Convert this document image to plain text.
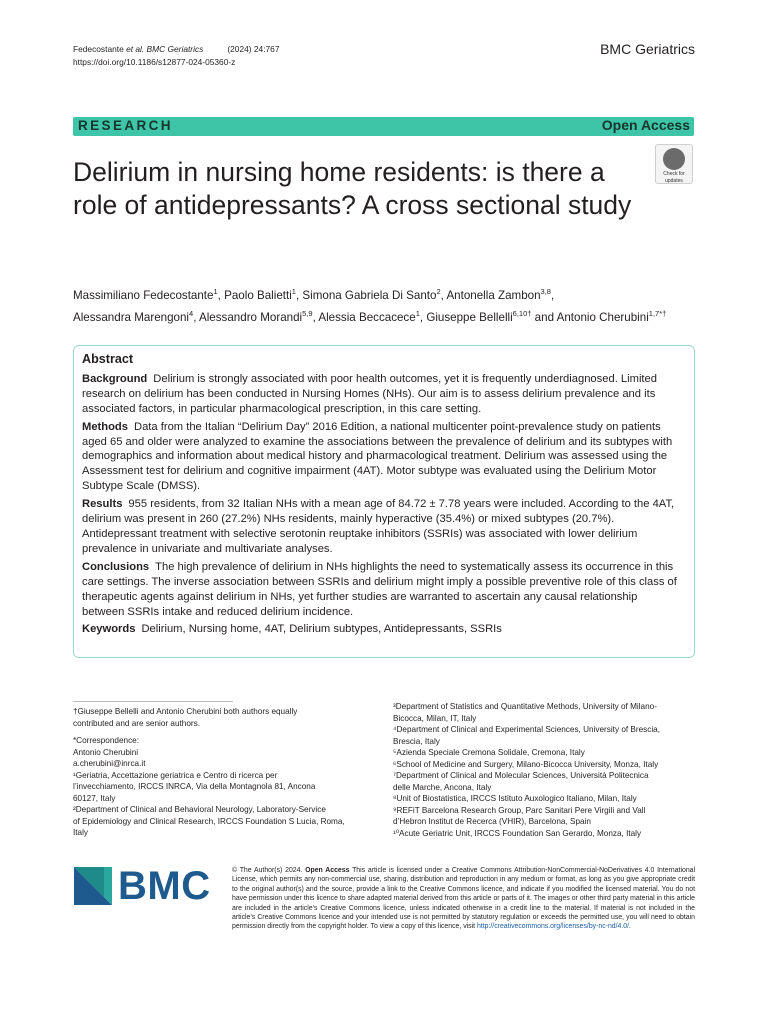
Fedecostante et al. BMC Geriatrics	(2024) 24:767
https://doi.org/10.1186/s12877-024-05360-z
BMC Geriatrics
RESEARCH	Open Access
Delirium in nursing home residents: is there a role of antidepressants? A cross sectional study
Check for
updates
Massimiliano Fedecostante$^1$, Paolo Balietti$^1$, Simona Gabriela Di Santo$^2$, Antonella Zambon$^{3,8}$,
Alessandra Marengoni$^4$, Alessandro Morandi$^{5,9}$, Alessia Beccacece$^1$, Giuseppe Bellelli$^{6,10\dagger}$ and Antonio Cherubini$^{1,7*\dagger}$
Abstract

Background Delirium is strongly associated with poor health outcomes, yet it is frequently underdiagnosed. Limited research on delirium has been conducted in Nursing Homes (NHs). Our aim is to assess delirium prevalence and its associated factors, in particular pharmacological prescription, in this care setting.

Methods Data from the Italian “Delirium Day” 2016 Edition, a national multicenter point-prevalence study on patients aged 65 and older were analyzed to examine the associations between the prevalence of delirium and its subtypes with demographics and information about medical history and pharmacological treatment. Delirium was assessed using the Assessment test for delirium and cognitive impairment (4AT). Motor subtype was evaluated using the Delirium Motor Subtype Scale (DMSS).

Results 955 residents, from 32 Italian NHs with a mean age of 84.72 ± 7.78 years were included. According to the 4AT, delirium was present in 260 (27.2%) NHs residents, mainly hyperactive (35.4%) or mixed subtypes (20.7%). Antidepressant treatment with selective serotonin reuptake inhibitors (SSRIs) was associated with lower delirium prevalence in univariate and multivariate analyses.

Conclusions The high prevalence of delirium in NHs highlights the need to systematically assess its occurrence in this care settings. The inverse association between SSRIs and delirium might imply a possible preventive role of this class of therapeutic agents against delirium in NHs, yet further studies are warranted to ascertain any causal relationship between SSRIs intake and reduced delirium incidence.

Keywords Delirium, Nursing home, 4AT, Delirium subtypes, Antidepressants, SSRIs

†Giuseppe Bellelli and Antonio Cherubini both authors equally
contributed and are senior authors.
*Correspondence:
Antonio Cherubini
a.cherubini@inrca.it
¹Geriatria, Accettazione geriatrica e Centro di ricerca per
l’invecchiamento, IRCCS INRCA, Via della Montagnola 81, Ancona
60127, Italy
²Department of Clinical and Behavioral Neurology, Laboratory-Service
of Epidemiology and Clinical Research, IRCCS Foundation S Lucia, Roma,
Italy
³Department of Statistics and Quantitative Methods, University of Milano-
Bicocca, Milan, IT, Italy
⁴Department of Clinical and Experimental Sciences, University of Brescia,
Brescia, Italy
⁵Azienda Speciale Cremona Solidale, Cremona, Italy
⁶School of Medicine and Surgery, Milano-Bicocca University, Monza, Italy
⁷Department of Clinical and Molecular Sciences, Università Politecnica
delle Marche, Ancona, Italy
⁸Unit of Biostatistica, IRCCS Istituto Auxologico Italiano, Milan, Italy
⁹REFiT Barcelona Research Group, Parc Sanitari Pere Virgili and Vall
d’Hebron Institut de Recerca (VHIR), Barcelona, Spain
¹⁰Acute Geriatric Unit, IRCCS Foundation San Gerardo, Monza, Italy
BMC	© The Author(s) 2024. Open Access This article is licensed under a Creative Commons Attribution-NonCommercial-NoDerivatives 4.0 International License, which permits any non-commercial use, sharing, distribution and reproduction in any medium or format, as long as you give appropriate credit to the original author(s) and the source, provide a link to the Creative Commons licence, and indicate if you modified the licensed material. You do not have permission under this licence to share adapted material derived from this article or parts of it. The images or other third party material in this article are included in the article’s Creative Commons licence, unless indicated otherwise in a credit line to the material. If material is not included in the article’s Creative Commons licence and your intended use is not permitted by statutory regulation or exceeds the permitted use, you will need to obtain permission directly from the copyright holder. To view a copy of this licence, visit http://creativecommons.org/licenses/by-nc-nd/4.0/.
